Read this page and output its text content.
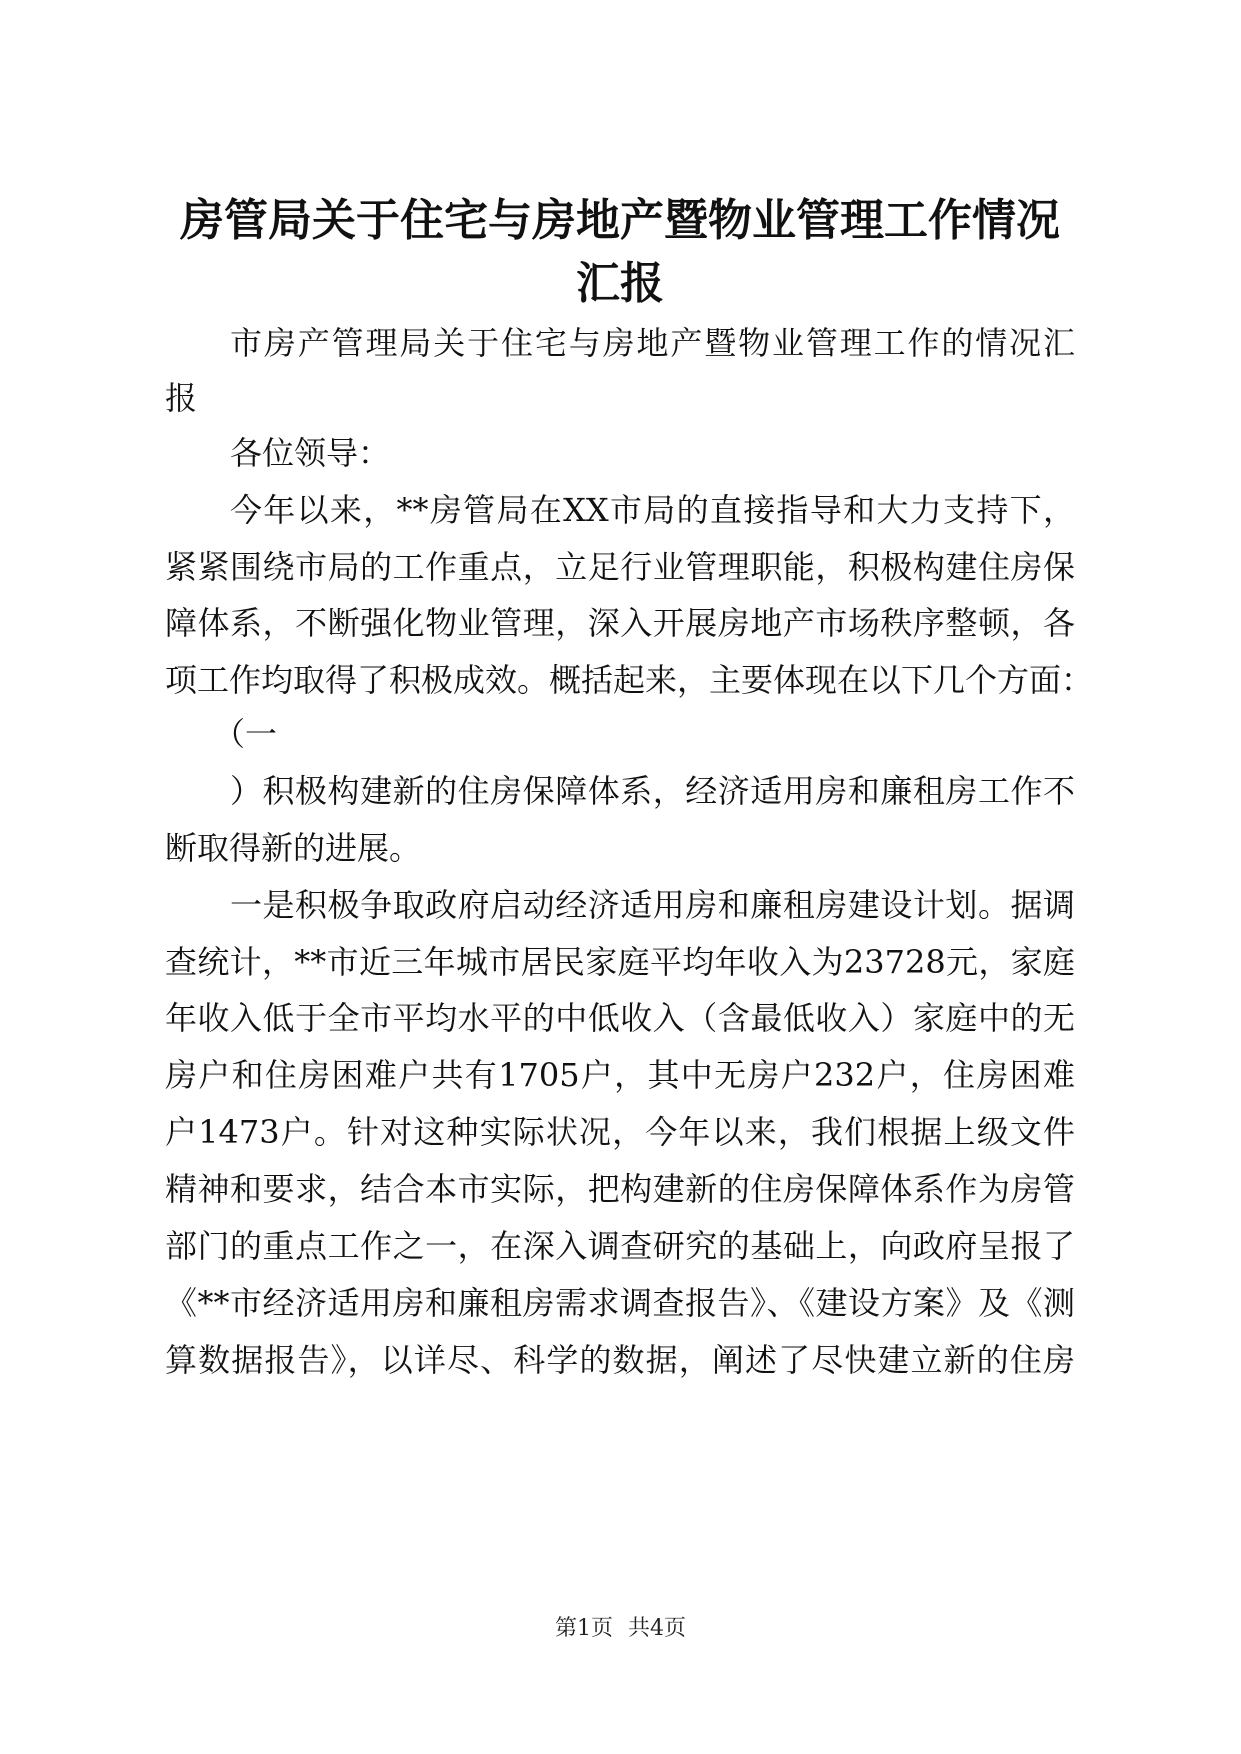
房管局关于住宅与房地产暨物业管理工作情况
汇报

市房产管理局关于住宅与房地产暨物业管理工作的情况汇

报

各位领导：

今年以来，**房管局在XX市局的直接指导和大力支持下，

紧紧围绕市局的工作重点，立足行业管理职能，积极构建住房保

障体系，不断强化物业管理，深入开展房地产市场秩序整顿，各

项工作均取得了积极成效。概括起来，主要体现在以下几个方面：

（一

）积极构建新的住房保障体系，经济适用房和廉租房工作不

断取得新的进展。

一是积极争取政府启动经济适用房和廉租房建设计划。据调

查统计，**市近三年城市居民家庭平均年收入为23728元，家庭

年收入低于全市平均水平的中低收入（含最低收入）家庭中的无

房户和住房困难户共有1705户，其中无房户232户，住房困难

户1473户。针对这种实际状况，今年以来，我们根据上级文件

精神和要求，结合本市实际，把构建新的住房保障体系作为房管

部门的重点工作之一，在深入调查研究的基础上，向政府呈报了

《**市经济适用房和廉租房需求调查报告》、《建设方案》及《测

算数据报告》，以详尽、科学的数据，阐述了尽快建立新的住房

第1页 共4页
